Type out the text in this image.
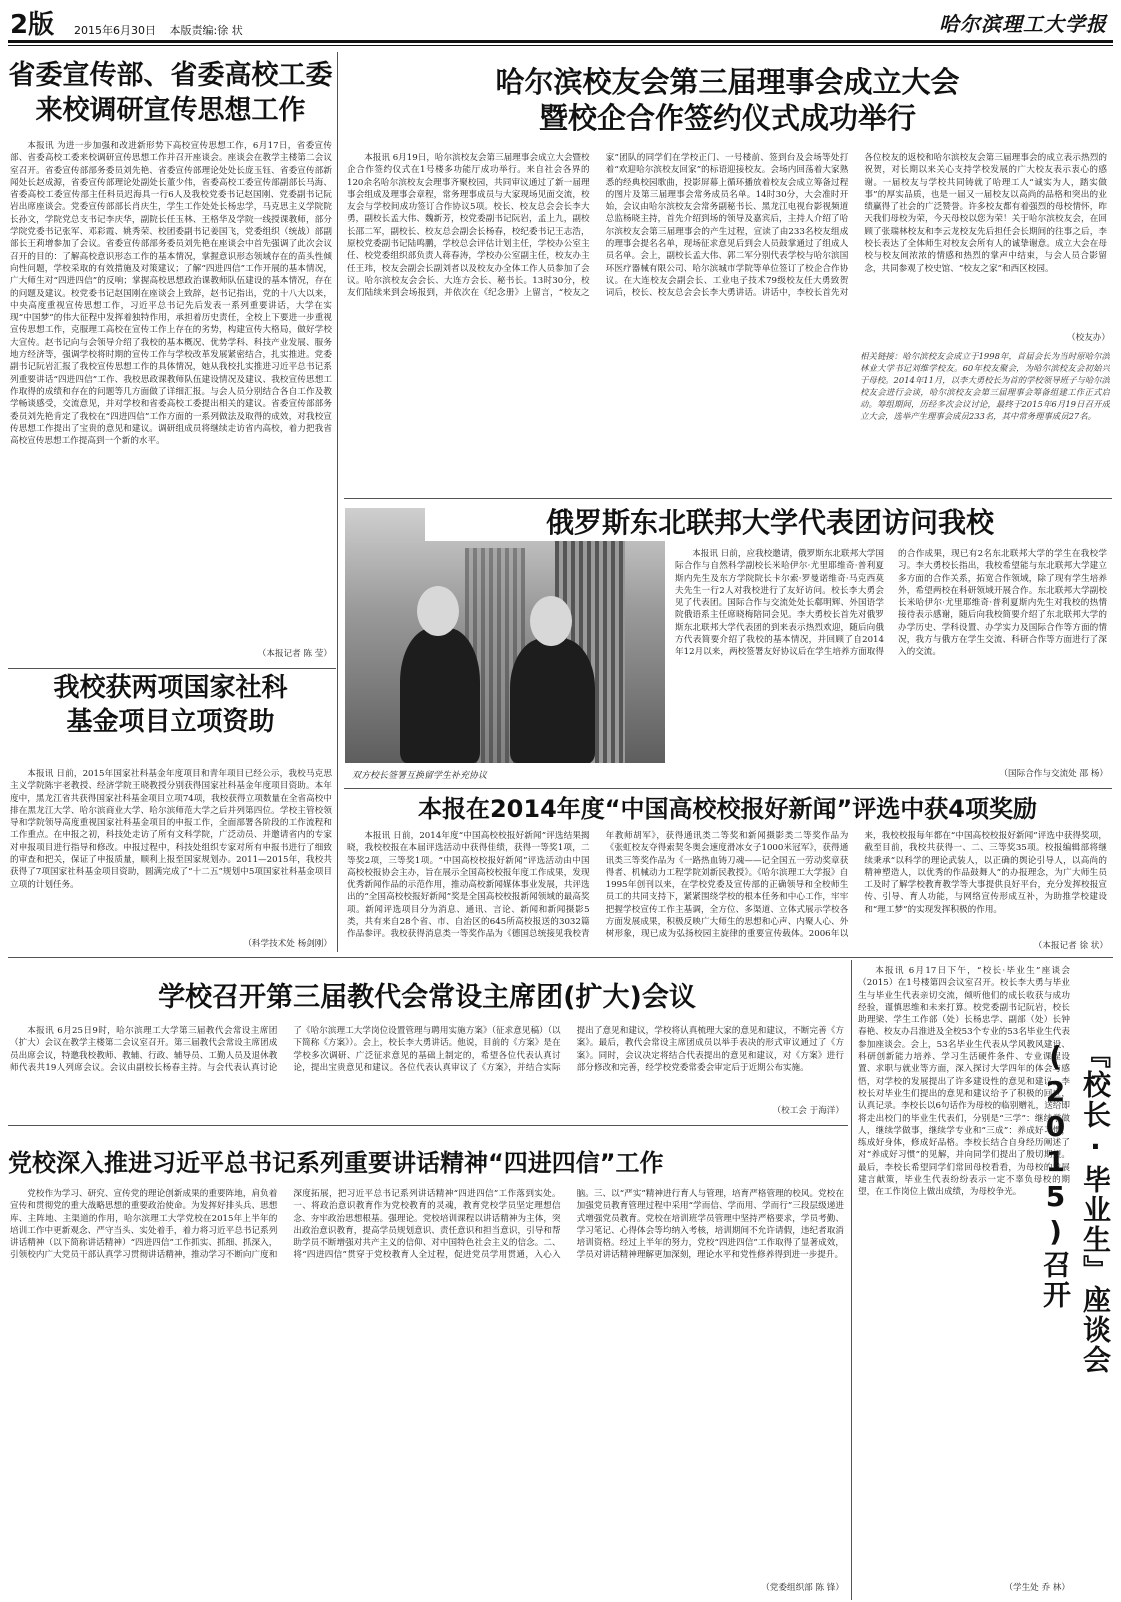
2版 2015年6月30日 本版责编:徐 状	哈尔滨理工大学报
省委宣传部、省委高校工委
来校调研宣传思想工作

本报讯 为进一步加强和改进新形势下高校宣传思想工作，6月17日，省委宣传部、省委高校工委来校调研宣传思想工作并召开座谈会。座谈会在教学主楼第二会议室召开。省委宣传部部务委员刘先艳、省委宣传部理论处处长庞玉钰、省委宣传部新闻处长赵成源，省委宣传部理论处副处长董少伟，省委高校工委宣传部副部长马海、省委高校工委宣传部主任科员迟海具一行6人及我校党委书记赵国刚、党委副书记阮岩出席座谈会。党委宣传部部长肖庆生，学生工作处处长杨忠学，马克思主义学院院长孙文，学院党总支书记李庆华，副院长任玉林、王格华及学院一线授课教师，部分学院党委书记张军、邓彩霞、姚秀荣、校团委副书记姜国飞，党委组织（统战）部副部长王莉增参加了会议。省委宣传部部务委员刘先艳在座谈会中首先强调了此次会议召开的目的：了解高校意识形态工作的基本情况，掌握意识形态领域存在的苗头性倾向性问题，学校采取的有效措施及对策建议；了解“四进四信”工作开展的基本情况，广大师生对“四进四信”的反响；掌握高校思想政治课教师队伍建设的基本情况，存在的问题及建议。校党委书记赵国刚在座谈会上致辞，赵书记指出，党的十八大以来，中央高度重视宣传思想工作，习近平总书记先后发表一系列重要讲话，大学在实现“中国梦”的伟大征程中发挥着独特作用，承担着历史责任，全校上下要进一步重视宣传思想工作，克服理工高校在宣传工作上存在的劣势，构建宣传大格局，做好学校大宣传。赵书记向与会领导介绍了我校的基本概况、优势学科、科技产业发展、服务地方经济等，强调学校将时期的宣传工作与学校改革发展紧密结合，扎实推进。党委副书记阮岩汇报了我校宣传思想工作的具体情况，她从我校扎实推进习近平总书记系列重要讲话“四进四信”工作、我校思政课教师队伍建设情况及建议、我校宣传思想工作取得的成绩和存在的问题等几方面做了详细汇报。与会人员分别结合各自工作及教学畅谈感受，交流意见，并对学校和省委高校工委提出相关的建议。省委宣传部部务委员刘先艳肯定了我校在“四进四信”工作方面的一系列做法及取得的成效，对我校宣传思想工作提出了宝贵的意见和建议。调研组成员将继续走访省内高校，着力把我省高校宣传思想工作提高到一个新的水平。

（本报记者 陈 莹）
我校获两项国家社科
基金项目立项资助

本报讯 日前，2015年国家社科基金年度项目和青年项目已经公示，我校马克思主义学院陈宇老教授、经济学院王晓教授分别获得国家社科基金年度项目资助。本年度中，黑龙江省共获得国家社科基金项目立项74项，我校获得立项数量在全省高校中排在黑龙江大学、哈尔滨商业大学、哈尔滨师范大学之后并列第四位。学校主管校领导和学院领导高度重视国家社科基金项目的申报工作，全面部署各阶段的工作流程和工作重点。在申报之初，科技处走访了所有文科学院，广泛动员、并邀请省内的专家对申报项目进行指导和修改。申报过程中，科技处组织专家对所有申报书进行了细致的审查和把关，保证了申报质量，顺利上报至国家规划办。2011—2015年，我校共获得了7项国家社科基金项目资助，圆满完成了“十二五”规划中5项国家社科基金项目立项的计划任务。

（科学技术处 杨剑刚）
哈尔滨校友会第三届理事会成立大会
暨校企合作签约仪式成功举行

本报讯 6月19日，哈尔滨校友会第三届理事会成立大会暨校企合作签约仪式在1号楼多功能厅成功举行。来自社会各界的120余名哈尔滨校友会理事齐聚校园，共同审议通过了新一届理事会组成及理事会章程，常务理事成员与大家现场见面交流，校友会与学校间成功签订合作协议5项。校长、校友总会会长李大勇，副校长孟大伟、魏新芳，校党委副书记阮岩，孟上九，副校长邵二军，副校长、校友总会副会长杨春，校纪委书记王志浩，原校党委副书记陆鸣鹏，学校总会评估计划主任，学校办公室主任、校党委组织部负责人蒋春涛，学校办公室副主任，校友办主任王玮，校友会副会长副刘者以及校友办全体工作人员参加了会议。哈尔滨校友会会长、大连方会长、秘书长。13时30分，校友们陆续来到会场报到，并依次在《纪念册》上留言，“校友之家”团队的同学们在学校正门、一号楼前、签到台及会场等处打着“欢迎哈尔滨校友回家”的标语迎接校友。会场内回荡着大家熟悉的经典校园歌曲，投影屏幕上循环播放着校友会成立筹备过程的图片及第三届理事会常务成员名单。14时30分，大会准时开始，会议由哈尔滨校友会常务副秘书长、黑龙江电视台影视频道总监杨晓主持，首先介绍到场的领导及嘉宾后，主持人介绍了哈尔滨校友会第三届理事会的产生过程，宣读了由233名校友组成的理事会提名名单，现场征求意见后到会人员鼓掌通过了组成人员名单。会上，副校长孟大伟、郭二军分别代表学校与哈尔滨国环医疗器械有限公司、哈尔滨城市学院等单位签订了校企合作协议。在大连校友会副会长、工业电子技术79级校友任大勇致贺词后，校长、校友总会会长李大勇讲话。讲话中，李校长首先对各位校友的返校和哈尔滨校友会第三届理事会的成立表示热烈的祝贺，对长期以来关心支持学校发展的广大校友表示衷心的感谢。一届校友与学校共同铸就了哈理工人“诚实为人，踏实做事”的厚实品质，也是一届又一届校友以高尚的品格和突出的业绩赢得了社会的广泛赞誉。许多校友都有着强烈的母校情怀，昨天我们母校为荣，今天母校以您为荣！关于哈尔滨校友会，在回顾了张瑞林校友和李云龙校友先后担任会长期间的往事之后，李校长表达了全体师生对校友会所有人的诚挚谢意。成立大会在母校与校友间浓浓的情感和热烈的掌声中结束，与会人员合影留念，共同参观了校史馆、“校友之家”和西区校园。

（校友办）
相关链接：哈尔滨校友会成立于1998年，首届会长为当时原哈尔滨林业大学书记刘维学校友。60年校友聚会，为哈尔滨校友会初始兴于母校。2014年11月，以李大勇校长为首的学校领导班子与哈尔滨校友会进行会谈，哈尔滨校友会第三届理事会筹备组建工作正式启动。筹组期间，历经多次会议讨论，最终于2015年6月19日召开成立大会，选举产生理事会成员233名，其中常务理事成员27名。
双方校长签署互换留学生补充协议
俄罗斯东北联邦大学代表团访问我校

本报讯 日前，应我校邀请，俄罗斯东北联邦大学国际合作与自然科学副校长米哈伊尔·尤里耶维奇·普利夏斯内先生及东方学院院长卡尔索·罗曼诺维奇·马克西莫夫先生一行2人对我校进行了友好访问。校长李大勇会见了代表团。国际合作与交流处处长郗明辉、外国语学院俄语系主任席晓梅陪同会见。李大勇校长首先对俄罗斯东北联邦大学代表团的到来表示热烈欢迎，随后向俄方代表简要介绍了我校的基本情况，并回顾了自2014年12月以来，两校签署友好协议后在学生培养方面取得的合作成果，现已有2名东北联邦大学的学生在我校学习。李大勇校长指出，我校希望能与东北联邦大学建立多方面的合作关系，拓宽合作领域，除了现有学生培养外，希望两校在科研领域开展合作。东北联邦大学副校长米哈伊尔·尤里耶维奇·普利夏斯内先生对我校的热情接待表示感谢，随后向我校简要介绍了东北联邦大学的办学历史、学科设置、办学实力及国际合作等方面的情况，我方与俄方在学生交流、科研合作等方面进行了深入的交流。

（国际合作与交流处 邵 杨）
本报在2014年度“中国高校校报好新闻”评选中获4项奖励

本报讯 日前，2014年度“中国高校校报好新闻”评选结果揭晓，我校校报在本届评选活动中获得佳绩，获得一等奖1项，二等奖2项，三等奖1项。“中国高校校报好新闻”评选活动由中国高校校报协会主办，旨在展示全国高校校报年度工作成果，发现优秀新闻作品的示范作用，推动高校新闻媒体事业发展，共评选出的“全国高校校报好新闻”奖是全国高校校报新闻领域的最高奖项。新闻评选项目分为消息、通讯、言论、新闻和新闻摄影5类，共有来自28个省、市、自治区的645所高校报送的3032篇作品参评。我校获得消息类一等奖作品为《德国总统接见我校青年教师胡军》，获得通讯类二等奖和新闻摄影类二等奖作品为《张虹校友夺得索契冬奥会速度滑冰女子1000米冠军》，获得通讯类三等奖作品为《一路热血铸刀魂——记全国五一劳动奖章获得者、机械动力工程学院刘新民教授》。《哈尔滨理工大学报》自1995年创刊以来，在学校党委及宣传部的正确领导和全校师生员工的共同支持下，紧紧围绕学校的根本任务和中心工作，牢牢把握学校宣传工作主基调，全方位、多渠道、立体式展示学校各方面发展成果，积极反映广大师生的思想和心声、内聚人心、外树形象，现已成为弘扬校园主旋律的重要宣传载体。2006年以来，我校校报每年都在“中国高校校报好新闻”评选中获得奖项，截至目前，我校共获得一、二、三等奖35项。校报编辑部将继续秉承“以科学的理论武装人，以正确的舆论引导人，以高尚的精神塑造人，以优秀的作品鼓舞人”的办报理念，为广大师生员工及时了解学校教育教学等大事提供良好平台，充分发挥校报宣传、引导、育人功能，与网络宣传形成互补，为助推学校建设和“理工梦”的实现发挥积极的作用。

（本报记者 徐 状）
学校召开第三届教代会常设主席团(扩大)会议

本报讯 6月25日9时，哈尔滨理工大学第三届教代会常设主席团（扩大）会议在教学主楼第二会议室召开。第三届教代会常设主席团成员出席会议，特邀我校教师、教辅、行政、辅导员、工勤人员及退休教师代表共19人列席会议。会议由副校长杨春主持。与会代表认真讨论了《哈尔滨理工大学岗位设置管理与聘用实施方案》（征求意见稿）（以下简称《方案》）。会上，校长李大勇讲话。他说，目前的《方案》是在学校多次调研、广泛征求意见的基础上制定的，希望各位代表认真讨论，提出宝贵意见和建议。各位代表认真审议了《方案》，并结合实际提出了意见和建议，学校将认真梳理大家的意见和建议，不断完善《方案》。最后，教代会常设主席团成员以举手表决的形式审议通过了《方案》。同时，会议决定将结合代表提出的意见和建议，对《方案》进行部分修改和完善，经学校党委常委会审定后于近期公布实施。

（校工会 于海洋）
党校深入推进习近平总书记系列重要讲话精神“四进四信”工作

党校作为学习、研究、宣传党的理论创新成果的重要阵地，肩负着宣传和贯彻党的重大战略思想的重要政治使命。为发挥好排头兵、思想库、主阵地、主渠道的作用，哈尔滨理工大学党校在2015年上半年的培训工作中更新观念、严守当头、实处着手，着力将习近平总书记系列讲话精神（以下简称讲话精神）“四进四信”工作抓实、抓细、抓深入，引领校内广大党员干部认真学习贯彻讲话精神，推动学习不断向广度和深度拓展，把习近平总书记系列讲话精神“四进四信”工作落到实处。一、将政治意识教育作为党校教育的灵魂，教育党校学员坚定理想信念、夯牢政治思想根基。强理论。党校培训课程以讲话精神为主体，突出政治意识教育，提高学员规划意识、责任意识和担当意识，引导和帮助学员不断增强对共产主义的信仰、对中国特色社会主义的信念。二、将“四进四信”贯穿于党校教育人全过程，促进党员学用贯通，入心入脑。三、以“严实”精神进行育人与管理，培育严格管理的校风。党校在加强党员教育管理过程中采用“学而信、学而用、学而行”三段层级递进式增强党员教育。党校在培训班学员管理中坚持严格要求，学员考勤、学习笔记、心得体会等均纳入考核，培训期间不允许请假，违纪者取消培训资格。经过上半年的努力，党校“四进四信”工作取得了显著成效，学员对讲话精神理解更加深刻，理论水平和党性修养得到进一步提升。

（党委组织部 陈 锋）

本报讯 6月17日下午，“校长·毕业生”座谈会（2015）在1号楼第四会议室召开。校长李大勇与毕业生与毕业生代表亲切交流，倾听他们的成长收获与成功经验，谨慎思维和未来打算。校党委副书记阮岩，校长助理梁、学生工作部（处）长杨忠学、副部（处）长钟春艳、校友办吕淮进及全校53个专业的53名毕业生代表参加座谈会。会上，53名毕业生代表从学风教风建设、科研创新能力培养、学习生活硬件条件、专业课程设置、求职与就业等方面，深入探讨大学四年的体会与感悟，对学校的发展提出了许多建设性的意见和建议。李校长对毕业生们提出的意见和建议给予了积极的回应，认真记录。李校长以6句话作为母校的临别赠礼，送给即将走出校门的毕业生代表们，分别是“三学”：继续学做人，继续学做事，继续学专业和“三成”：养成好习惯，练成好身体，修成好品格。李校长结合自身经历阐述了对“养成好习惯”的见解，并向同学们提出了殷切期望。最后，李校长希望同学们常回母校看看，为母校的发展建言献策，毕业生代表纷纷表示一定不辜负母校的期望，在工作岗位上做出成绩，为母校争光。

（学生处 乔 林）
『校长·毕业生』座谈会(2015)召开
